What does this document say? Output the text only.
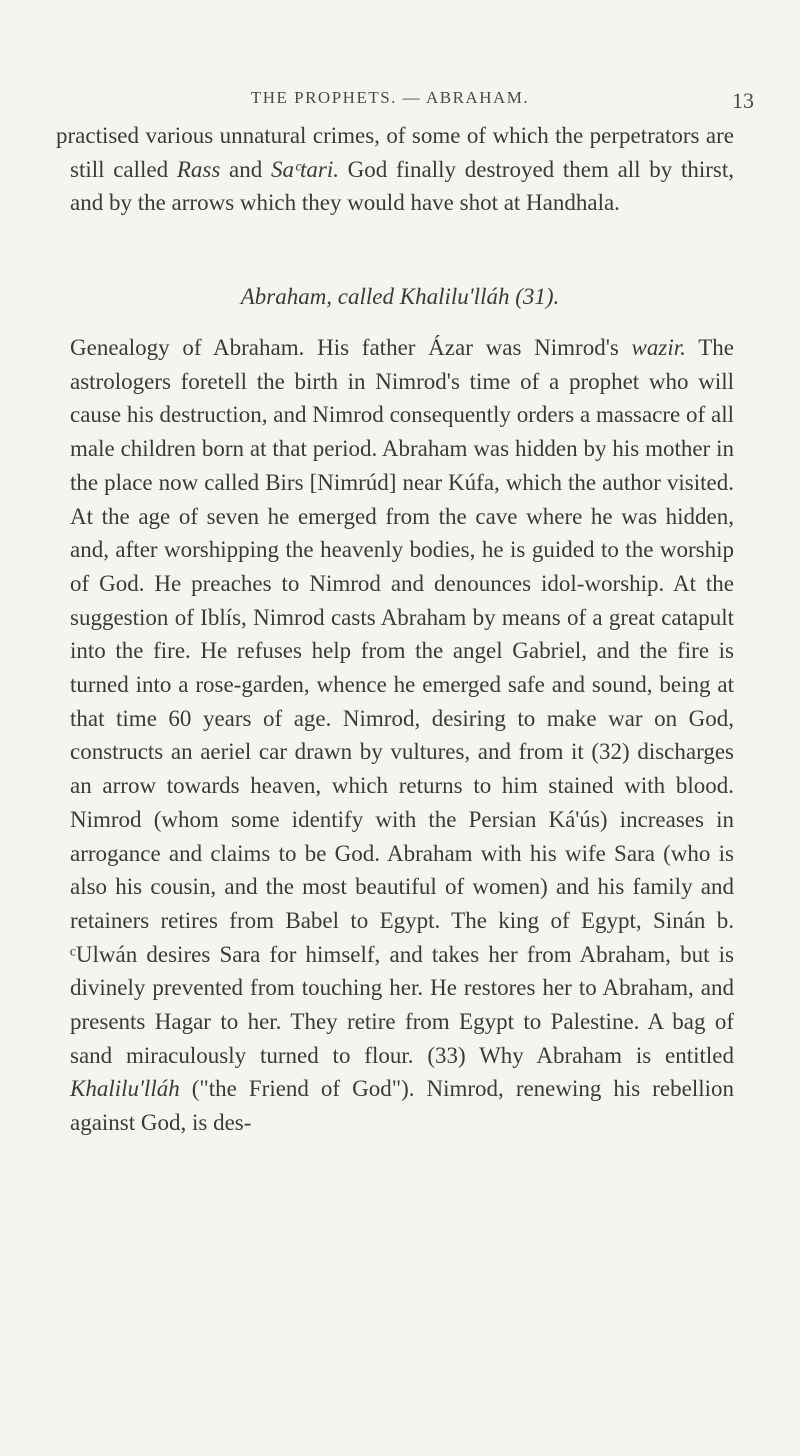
THE PROPHETS. — ABRAHAM.	13

practised various unnatural crimes, of some of which the perpetrators are still called Rass and Saᶜtari. God finally destroyed them all by thirst, and by the arrows which they would have shot at Handhala.

Abraham, called Khalilu'lláh (31).

Genealogy of Abraham. His father Ázar was Nimrod's wazir. The astrologers foretell the birth in Nimrod's time of a prophet who will cause his destruction, and Nimrod consequently orders a massacre of all male children born at that period. Abraham was hidden by his mother in the place now called Birs [Nimrúd] near Kúfa, which the author visited. At the age of seven he emerged from the cave where he was hidden, and, after worshipping the heavenly bodies, he is guided to the worship of God. He preaches to Nimrod and denounces idol-worship. At the suggestion of Iblís, Nimrod casts Abraham by means of a great catapult into the fire. He refuses help from the angel Gabriel, and the fire is turned into a rose-garden, whence he emerged safe and sound, being at that time 60 years of age. Nimrod, desiring to make war on God, constructs an aeriel car drawn by vultures, and from it (32) discharges an arrow towards heaven, which returns to him stained with blood. Nimrod (whom some identify with the Persian Ká'ús) increases in arrogance and claims to be God. Abraham with his wife Sara (who is also his cousin, and the most beautiful of women) and his family and retainers retires from Babel to Egypt. The king of Egypt, Sinán b. ᶜUlwán desires Sara for himself, and takes her from Abraham, but is divinely prevented from touching her. He restores her to Abraham, and presents Hagar to her. They retire from Egypt to Palestine. A bag of sand miraculously turned to flour. (33) Why Abraham is entitled Khalilu'lláh ("the Friend of God"). Nimrod, renewing his rebellion against God, is des-
